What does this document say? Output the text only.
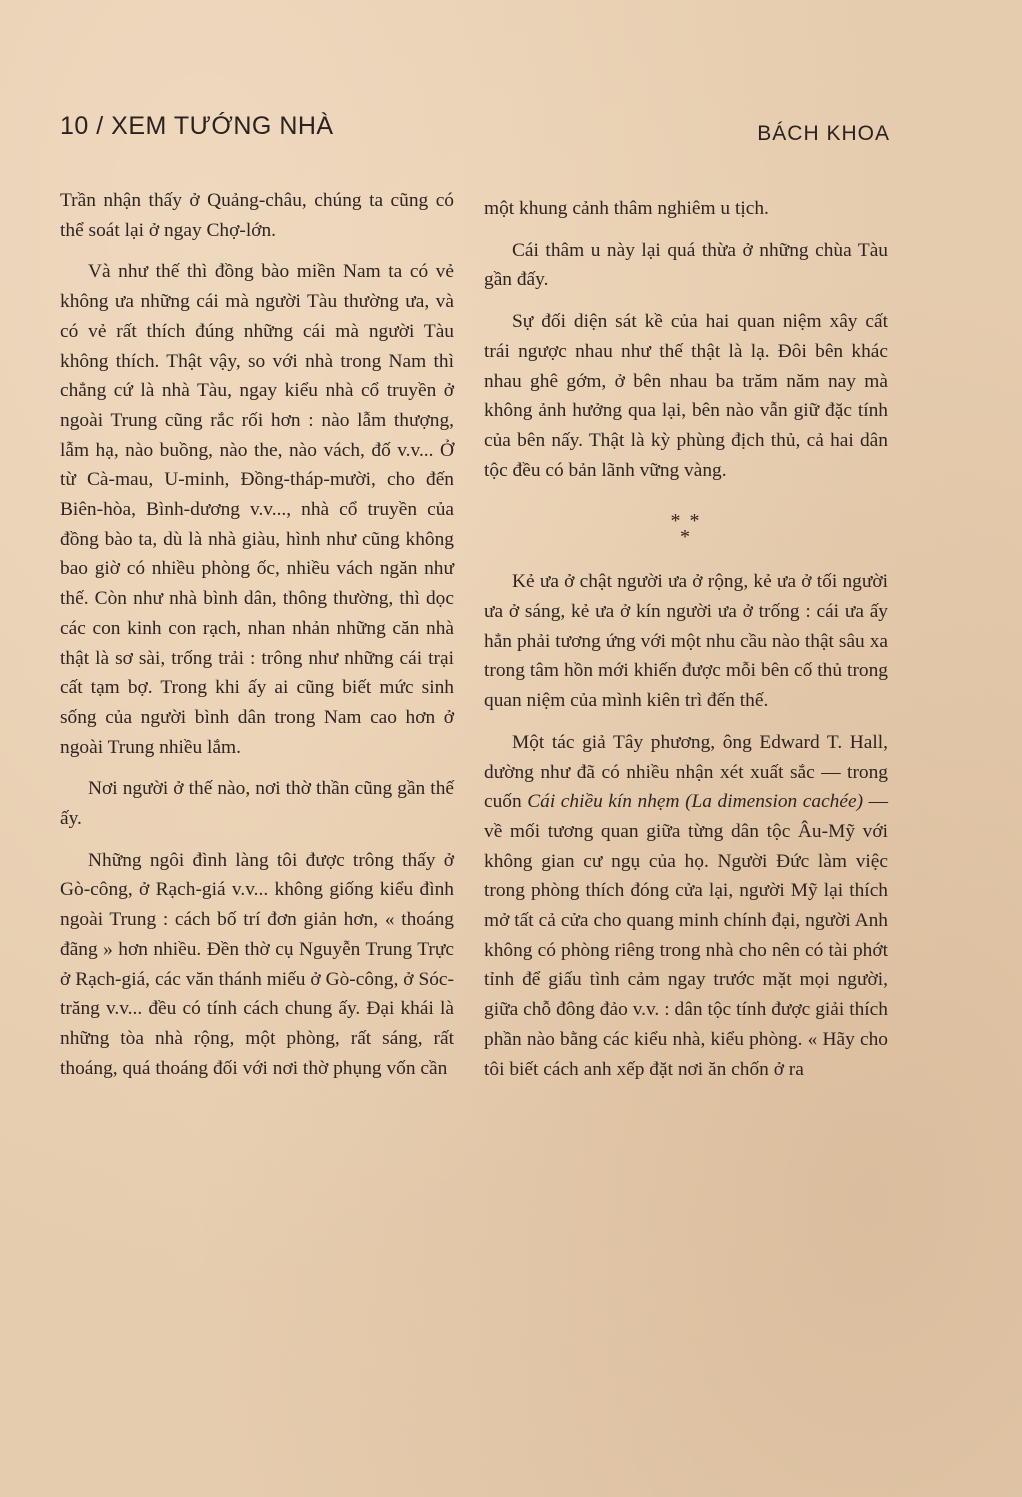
10 / XEM TƯỚNG NHÀ	BÁCH KHOA

Trần nhận thấy ở Quảng-châu, chúng ta cũng có thể soát lại ở ngay Chợ-lớn.

Và như thế thì đồng bào miền Nam ta có vẻ không ưa những cái mà người Tàu thường ưa, và có vẻ rất thích đúng những cái mà người Tàu không thích. Thật vậy, so với nhà trong Nam thì chẳng cứ là nhà Tàu, ngay kiểu nhà cổ truyền ở ngoài Trung cũng rắc rối hơn : nào lẫm thượng, lẫm hạ, nào buồng, nào the, nào vách, đố v.v... Ở từ Cà-mau, U-minh, Đồng-tháp-mười, cho đến Biên-hòa, Bình-dương v.v..., nhà cổ truyền của đồng bào ta, dù là nhà giàu, hình như cũng không bao giờ có nhiều phòng ốc, nhiều vách ngăn như thế. Còn như nhà bình dân, thông thường, thì dọc các con kinh con rạch, nhan nhản những căn nhà thật là sơ sài, trống trải : trông như những cái trại cất tạm bợ. Trong khi ấy ai cũng biết mức sinh sống của người bình dân trong Nam cao hơn ở ngoài Trung nhiều lắm.

Nơi người ở thế nào, nơi thờ thần cũng gần thế ấy.

Những ngôi đình làng tôi được trông thấy ở Gò-công, ở Rạch-giá v.v... không giống kiểu đình ngoài Trung : cách bố trí đơn giản hơn, « thoáng đãng » hơn nhiều. Đền thờ cụ Nguyễn Trung Trực ở Rạch-giá, các văn thánh miếu ở Gò-công, ở Sóc-trăng v.v... đều có tính cách chung ấy. Đại khái là những tòa nhà rộng, một phòng, rất sáng, rất thoáng, quá thoáng đối với nơi thờ phụng vốn cần

một khung cảnh thâm nghiêm u tịch.

Cái thâm u này lại quá thừa ở những chùa Tàu gần đấy.

Sự đối diện sát kề của hai quan niệm xây cất trái ngược nhau như thế thật là lạ. Đôi bên khác nhau ghê gớm, ở bên nhau ba trăm năm nay mà không ảnh hưởng qua lại, bên nào vẫn giữ đặc tính của bên nấy. Thật là kỳ phùng địch thủ, cả hai dân tộc đều có bản lãnh vững vàng.

* *
*

Kẻ ưa ở chật người ưa ở rộng, kẻ ưa ở tối người ưa ở sáng, kẻ ưa ở kín người ưa ở trống : cái ưa ấy hẳn phải tương ứng với một nhu cầu nào thật sâu xa trong tâm hồn mới khiến được mỗi bên cố thủ trong quan niệm của mình kiên trì đến thế.

Một tác giả Tây phương, ông Edward T. Hall, dường như đã có nhiều nhận xét xuất sắc — trong cuốn Cái chiều kín nhẹm (La dimension cachée) — về mối tương quan giữa từng dân tộc Âu-Mỹ với không gian cư ngụ của họ. Người Đức làm việc trong phòng thích đóng cửa lại, người Mỹ lại thích mở tất cả cửa cho quang minh chính đại, người Anh không có phòng riêng trong nhà cho nên có tài phớt tỉnh để giấu tình cảm ngay trước mặt mọi người, giữa chỗ đông đảo v.v. : dân tộc tính được giải thích phần nào bằng các kiểu nhà, kiểu phòng. « Hãy cho tôi biết cách anh xếp đặt nơi ăn chốn ở ra
